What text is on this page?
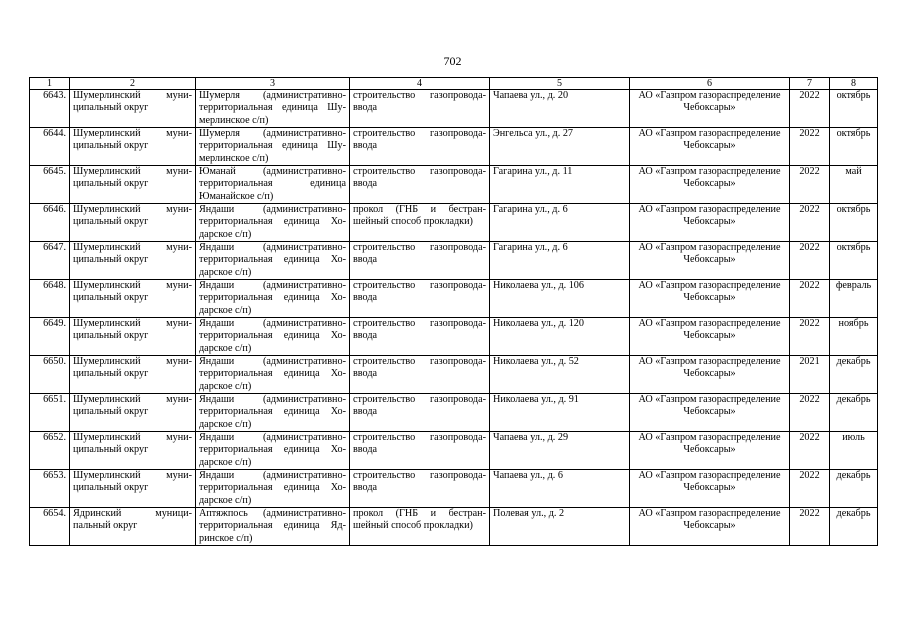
702
1	2	3	4	5	6	7	8
6643.	Шумерлинский муни-ципальный округ	Шумерля (административно-территориальная единица Шу-мерлинское с/п)	строительство газопровода-ввода	Чапаева ул., д. 20	АО «Газпром газораспределение Чебоксары»	2022	октябрь
6644.	Шумерлинский муни-ципальный округ	Шумерля (административно-территориальная единица Шу-мерлинское с/п)	строительство газопровода-ввода	Энгельса ул., д. 27	АО «Газпром газораспределение Чебоксары»	2022	октябрь
6645.	Шумерлинский муни-ципальный округ	Юманай (административно-территориальная единица Юманайское с/п)	строительство газопровода-ввода	Гагарина ул., д. 11	АО «Газпром газораспределение Чебоксары»	2022	май
6646.	Шумерлинский муни-ципальный округ	Яндаши (административно-территориальная единица Хо-дарское с/п)	прокол (ГНБ и бестран-шейный способ прокладки)	Гагарина ул., д. 6	АО «Газпром газораспределение Чебоксары»	2022	октябрь
6647.	Шумерлинский муни-ципальный округ	Яндаши (административно-территориальная единица Хо-дарское с/п)	строительство газопровода-ввода	Гагарина ул., д. 6	АО «Газпром газораспределение Чебоксары»	2022	октябрь
6648.	Шумерлинский муни-ципальный округ	Яндаши (административно-территориальная единица Хо-дарское с/п)	строительство газопровода-ввода	Николаева ул., д. 106	АО «Газпром газораспределение Чебоксары»	2022	февраль
6649.	Шумерлинский муни-ципальный округ	Яндаши (административно-территориальная единица Хо-дарское с/п)	строительство газопровода-ввода	Николаева ул., д. 120	АО «Газпром газораспределение Чебоксары»	2022	ноябрь
6650.	Шумерлинский муни-ципальный округ	Яндаши (административно-территориальная единица Хо-дарское с/п)	строительство газопровода-ввода	Николаева ул., д. 52	АО «Газпром газораспределение Чебоксары»	2021	декабрь
6651.	Шумерлинский муни-ципальный округ	Яндаши (административно-территориальная единица Хо-дарское с/п)	строительство газопровода-ввода	Николаева ул., д. 91	АО «Газпром газораспределение Чебоксары»	2022	декабрь
6652.	Шумерлинский муни-ципальный округ	Яндаши (административно-территориальная единица Хо-дарское с/п)	строительство газопровода-ввода	Чапаева ул., д. 29	АО «Газпром газораспределение Чебоксары»	2022	июль
6653.	Шумерлинский муни-ципальный округ	Яндаши (административно-территориальная единица Хо-дарское с/п)	строительство газопровода-ввода	Чапаева ул., д. 6	АО «Газпром газораспределение Чебоксары»	2022	декабрь
6654.	Ядринский муници-пальный округ	Аптяжпось (административно-территориальная единица Яд-ринское с/п)	прокол (ГНБ и бестран-шейный способ прокладки)	Полевая ул., д. 2	АО «Газпром газораспределение Чебоксары»	2022	декабрь
